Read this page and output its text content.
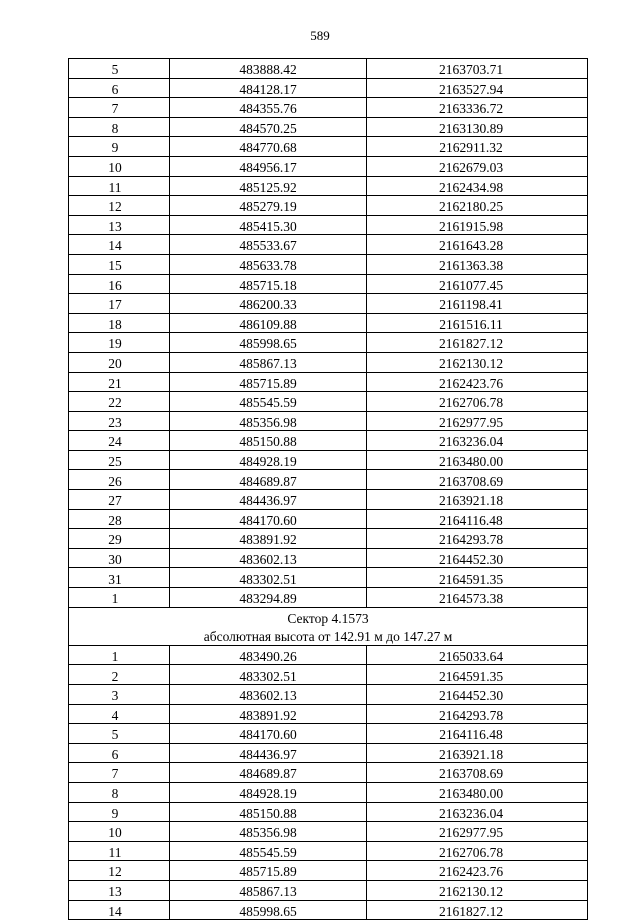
589
5	483888.42	2163703.71
6	484128.17	2163527.94
7	484355.76	2163336.72
8	484570.25	2163130.89
9	484770.68	2162911.32
10	484956.17	2162679.03
11	485125.92	2162434.98
12	485279.19	2162180.25
13	485415.30	2161915.98
14	485533.67	2161643.28
15	485633.78	2161363.38
16	485715.18	2161077.45
17	486200.33	2161198.41
18	486109.88	2161516.11
19	485998.65	2161827.12
20	485867.13	2162130.12
21	485715.89	2162423.76
22	485545.59	2162706.78
23	485356.98	2162977.95
24	485150.88	2163236.04
25	484928.19	2163480.00
26	484689.87	2163708.69
27	484436.97	2163921.18
28	484170.60	2164116.48
29	483891.92	2164293.78
30	483602.13	2164452.30
31	483302.51	2164591.35
1	483294.89	2164573.38
Сектор 4.1573		
абсолютная высота от 142.91 м до 147.27 м		
1	483490.26	2165033.64
2	483302.51	2164591.35
3	483602.13	2164452.30
4	483891.92	2164293.78
5	484170.60	2164116.48
6	484436.97	2163921.18
7	484689.87	2163708.69
8	484928.19	2163480.00
9	485150.88	2163236.04
10	485356.98	2162977.95
11	485545.59	2162706.78
12	485715.89	2162423.76
13	485867.13	2162130.12
14	485998.65	2161827.12
